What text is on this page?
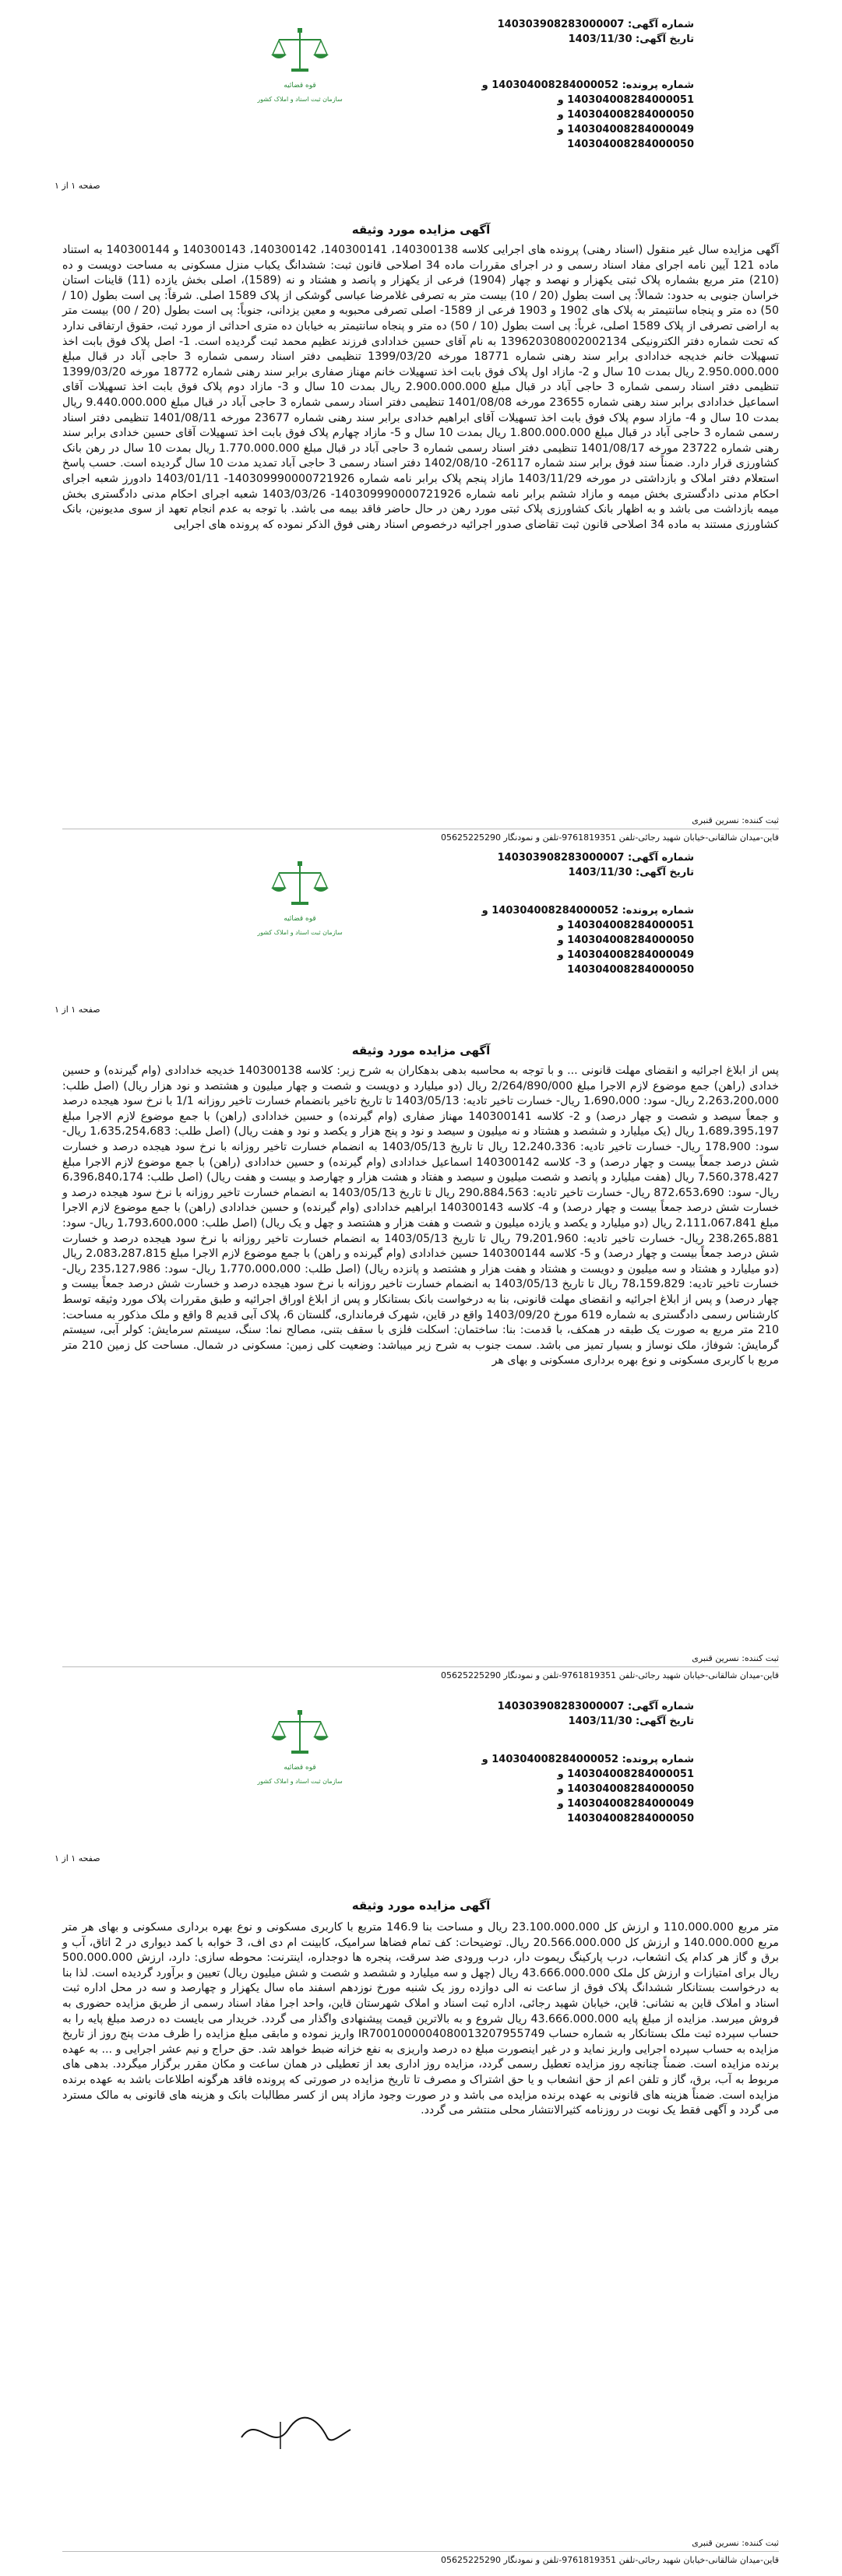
شماره آگهی: 140303908283000007
تاریخ آگهی: 1403/11/30
شماره پرونده: 140304008284000052 و
140304008284000051 و
140304008284000050 و
140304008284000049 و
140304008284000050
قوه قضائیه
سازمان ثبت اسناد و املاک کشور
صفحه ۱ از ۱
آگهی مزایده مورد وثیقه
آگهی مزایده سال غیر منقول (اسناد رهنی) پرونده های اجرایی کلاسه 140300138، 140300141، 140300142، 140300143 و 140300144 به استناد ماده 121 آیین نامه اجرای مفاد اسناد رسمی و در اجرای مقررات ماده 34 اصلاحی قانون ثبت: ششدانگ یکباب منزل مسکونی به مساحت دویست و ده (210) متر مربع بشماره پلاک ثبتی یکهزار و نهصد و چهار (1904) فرعی از یکهزار و پانصد و هشتاد و نه (1589)، اصلی بخش یازده (11) قاینات استان خراسان جنوبی به حدود: شمالاً: پی است بطول (20 / 10) بیست متر به تصرفی غلامرضا عباسی گوشکی از پلاک 1589 اصلی. شرقاً: پی است بطول (10 / 50) ده متر و پنجاه سانتیمتر به پلاک های 1902 و 1903 فرعی از 1589- اصلی تصرفی محبوبه و معین یزدانی، جنوباً: پی است بطول (20 / 00) بیست متر به اراضی تصرفی از پلاک 1589 اصلی، غرباً: پی است بطول (10 / 50) ده متر و پنجاه سانتیمتر به خیابان ده متری احداثی از مورد ثبت، حقوق ارتفاقی ندارد که تحت شماره دفتر الکترونیکی 139620308002002134 به نام آقای حسین خدادادی فرزند عظیم محمد ثبت گردیده است. 1- اصل پلاک فوق بابت اخذ تسهیلات خانم خدیجه خدادادی برابر سند رهنی شماره 18771 مورخه 1399/03/20 تنظیمی دفتر اسناد رسمی شماره 3 حاجی آباد در قبال مبلغ 2.950.000.000 ریال بمدت 10 سال و 2- مازاد اول پلاک فوق بابت اخذ تسهیلات خانم مهناز صفاری برابر سند رهنی شماره 18772 مورخه 1399/03/20 تنظیمی دفتر اسناد رسمی شماره 3 حاجی آباد در قبال مبلغ 2.900.000.000 ریال بمدت 10 سال و 3- مازاد دوم پلاک فوق بابت اخذ تسهیلات آقای اسماعیل خدادادی برابر سند رهنی شماره 23655 مورخه 1401/08/08 تنظیمی دفتر اسناد رسمی شماره 3 حاجی آباد در قبال مبلغ 9.440.000.000 ریال بمدت 10 سال و 4- مازاد سوم پلاک فوق بابت اخذ تسهیلات آقای ابراهیم خدادی برابر سند رهنی شماره 23677 مورخه 1401/08/11 تنظیمی دفتر اسناد رسمی شماره 3 حاجی آباد در قبال مبلغ 1.800.000.000 ریال بمدت 10 سال و 5- مازاد چهارم پلاک فوق بابت اخذ تسهیلات آقای حسین خدادی برابر سند رهنی شماره 23722 مورخه 1401/08/17 تنظیمی دفتر اسناد رسمی شماره 3 حاجی آباد در قبال مبلغ 1.770.000.000 ریال بمدت 10 سال در رهن بانک کشاورزی قرار دارد. ضمناً سند فوق برابر سند شماره 26117- 1402/08/10 دفتر اسناد رسمی 3 حاجی آباد تمدید مدت 10 سال گردیده است. حسب پاسخ استعلام دفتر املاک و بازداشتی در مورخه 1403/11/29 مازاد پنجم پلاک برابر نامه شماره 140309990000721926- 1403/01/11 دادورز شعبه اجرای احکام مدنی دادگستری بخش میمه و مازاد ششم برابر نامه شماره 140309990000721926- 1403/03/26 شعبه اجرای احکام مدنی دادگستری بخش میمه بازداشت می باشد و به اظهار بانک کشاورزی پلاک ثبتی مورد رهن در حال حاضر فاقد بیمه می باشد. با توجه به عدم انجام تعهد از سوی مدیونین، بانک کشاورزی مستند به ماده 34 اصلاحی قانون ثبت تقاضای صدور اجرائیه درخصوص اسناد رهنی فوق الذکر نموده که پرونده های اجرایی
ثبت کننده: نسرین قنبری
قاین-میدان شالقانی-خیابان شهید رجائی-تلفن 9761819351-تلفن و نمودنگار 05625225290
شماره آگهی: 140303908283000007
تاریخ آگهی: 1403/11/30
شماره پرونده: 140304008284000052 و
140304008284000051 و
140304008284000050 و
140304008284000049 و
140304008284000050
قوه قضائیه
سازمان ثبت اسناد و املاک کشور
صفحه ۱ از ۱
آگهی مزایده مورد وثیقه
پس از ابلاغ اجرائیه و انقضای مهلت قانونی ... و با توجه به محاسبه بدهی بدهکاران به شرح زیر: کلاسه 140300138 خدیجه خدادادی (وام گیرنده) و حسین خدادی (راهن) جمع موضوع لازم الاجرا مبلغ 2/264/890/000 ریال (دو میلیارد و دویست و شصت و چهار میلیون و هشتصد و نود هزار ریال) (اصل طلب: 2،263،200،000 ریال- سود: 1،690،000 ریال- خسارت تاخیر تادیه: 1403/05/13 تا تاریخ تاخیر بانضمام خسارت تاخیر روزانه 1/1 با نرخ سود هیجده درصد و جمعاً سیصد و شصت و چهار درصد) و 2- کلاسه 140300141 مهناز صفاری (وام گیرنده) و حسین خدادادی (راهن) با جمع موضوع لازم الاجرا مبلغ 1،689،395،197 ریال (یک میلیارد و ششصد و هشتاد و نه میلیون و سیصد و نود و پنج هزار و یکصد و نود و هفت ریال) (اصل طلب: 1،635،254،683 ریال- سود: 178،900 ریال- خسارت تاخیر تادیه: 12،240،336 ریال تا تاریخ 1403/05/13 به انضمام خسارت تاخیر روزانه با نرخ سود هیجده درصد و خسارت شش درصد جمعاً بیست و چهار درصد) و 3- کلاسه 140300142 اسماعیل خدادادی (وام گیرنده) و حسین خدادادی (راهن) با جمع موضوع لازم الاجرا مبلغ 7،560،378،427 ریال (هفت میلیارد و پانصد و شصت میلیون و سیصد و هفتاد و هشت هزار و چهارصد و بیست و هفت ریال) (اصل طلب: 6،396،840،174 ریال- سود: 872،653،690 ریال- خسارت تاخیر تادیه: 290،884،563 ریال تا تاریخ 1403/05/13 به انضمام خسارت تاخیر روزانه با نرخ سود هیجده درصد و خسارت شش درصد جمعاً بیست و چهار درصد) و 4- کلاسه 140300143 ابراهیم خدادادی (وام گیرنده) و حسین خدادادی (راهن) با جمع موضوع لازم الاجرا مبلغ 2،111،067،841 ریال (دو میلیارد و یکصد و یازده میلیون و شصت و هفت هزار و هشتصد و چهل و یک ریال) (اصل طلب: 1،793،600،000 ریال- سود: 238،265،881 ریال- خسارت تاخیر تادیه: 79،201،960 ریال تا تاریخ 1403/05/13 به انضمام خسارت تاخیر روزانه با نرخ سود هیجده درصد و خسارت شش درصد جمعاً بیست و چهار درصد) و 5- کلاسه 140300144 حسین خدادادی (وام گیرنده و راهن) با جمع موضوع لازم الاجرا مبلغ 2،083،287،815 ریال (دو میلیارد و هشتاد و سه میلیون و دویست و هشتاد و هفت هزار و هشتصد و پانزده ریال) (اصل طلب: 1،770،000،000 ریال- سود: 235،127،986 ریال- خسارت تاخیر تادیه: 78،159،829 ریال تا تاریخ 1403/05/13 به انضمام خسارت تاخیر روزانه با نرخ سود هیجده درصد و خسارت شش درصد جمعاً بیست و چهار درصد) و پس از ابلاغ اجرائیه و انقضای مهلت قانونی، بنا به درخواست بانک بستانکار و پس از ابلاغ اوراق اجرائیه و طبق مقررات پلاک مورد وثیقه توسط کارشناس رسمی دادگستری به شماره 619 مورخ 1403/09/20 واقع در قاین، شهرک فرمانداری، گلستان 6، پلاک آبی قدیم 8 واقع و ملک مذکور به مساحت: 210 متر مربع به صورت یک طبقه در همکف، با قدمت: بنا: ساختمان: اسکلت فلزی با سقف بتنی، مصالح نما: سنگ، سیستم سرمایش: کولر آبی، سیستم گرمایش: شوفاژ، ملک نوساز و بسیار تمیز می باشد. سمت جنوب به شرح زیر میباشد: وضعیت کلی زمین: مسکونی در شمال. مساحت کل زمین 210 متر مربع با کاربری مسکونی و نوع بهره برداری مسکونی و بهای هر
ثبت کننده: نسرین قنبری
قاین-میدان شالقانی-خیابان شهید رجائی-تلفن 9761819351-تلفن و نمودنگار 05625225290
شماره آگهی: 140303908283000007
تاریخ آگهی: 1403/11/30
شماره پرونده: 140304008284000052 و
140304008284000051 و
140304008284000050 و
140304008284000049 و
140304008284000050
قوه قضائیه
سازمان ثبت اسناد و املاک کشور
صفحه ۱ از ۱
آگهی مزایده مورد وثیقه
متر مربع 110.000.000 و ارزش کل 23.100.000.000 ریال و مساحت بنا 146.9 متربع با کاربری مسکونی و نوع بهره برداری مسکونی و بهای هر متر مربع 140.000.000 و ارزش کل 20.566.000.000 ریال. توضیحات: کف تمام فضاها سرامیک، کابینت ام دی اف، 3 خوابه با کمد دیواری در 2 اتاق، آب و برق و گاز هر کدام یک انشعاب، درب پارکینگ ریموت دار، درب ورودی ضد سرقت، پنجره ها دوجداره، اینترنت: محوطه سازی: دارد، ارزش 500.000.000 ریال برای امتیازات و ارزش کل ملک 43.666.000.000 ریال (چهل و سه میلیارد و ششصد و شصت و شش میلیون ریال) تعیین و برآورد گردیده است. لذا بنا به درخواست بستانکار ششدانگ پلاک فوق از ساعت نه الی دوازده روز یک شنبه مورخ نوزدهم اسفند ماه سال یکهزار و چهارصد و سه در محل اداره ثبت اسناد و املاک قاین به نشانی: قاین، خیابان شهید رجائی، اداره ثبت اسناد و املاک شهرستان قاین، واحد اجرا مفاد اسناد رسمی از طریق مزایده حضوری به فروش میرسد. مزایده از مبلغ پایه 43.666.000.000 ریال شروع و به بالاترین قیمت پیشنهادی واگذار می گردد. خریدار می بایست ده درصد مبلغ پایه را به حساب سپرده ثبت ملک بستانکار به شماره حساب IR7001000004080013207955749 واریز نموده و مابقی مبلغ مزایده را ظرف مدت پنج روز از تاریخ مزایده به حساب سپرده اجرایی واریز نماید و در غیر اینصورت مبلغ ده درصد واریزی به نفع خزانه ضبط خواهد شد. حق حراج و نیم عشر اجرایی و ... به عهده برنده مزایده است. ضمناً چنانچه روز مزایده تعطیل رسمی گردد، مزایده روز اداری بعد از تعطیلی در همان ساعت و مکان مقرر برگزار میگردد. بدهی های مربوط به آب، برق، گاز و تلفن اعم از حق انشعاب و یا حق اشتراک و مصرف تا تاریخ مزایده در صورتی که پرونده فاقد هرگونه اطلاعات باشد به عهده برنده مزایده است. ضمناً هزینه های قانونی به عهده برنده مزایده می باشد و در صورت وجود مازاد پس از کسر مطالبات بانک و هزینه های قانونی به مالک مسترد می گردد و آگهی فقط یک نوبت در روزنامه کثیرالانتشار محلی منتشر می گردد.
ثبت کننده: نسرین قنبری
قاین-میدان شالقانی-خیابان شهید رجائی-تلفن 9761819351-تلفن و نمودنگار 05625225290
